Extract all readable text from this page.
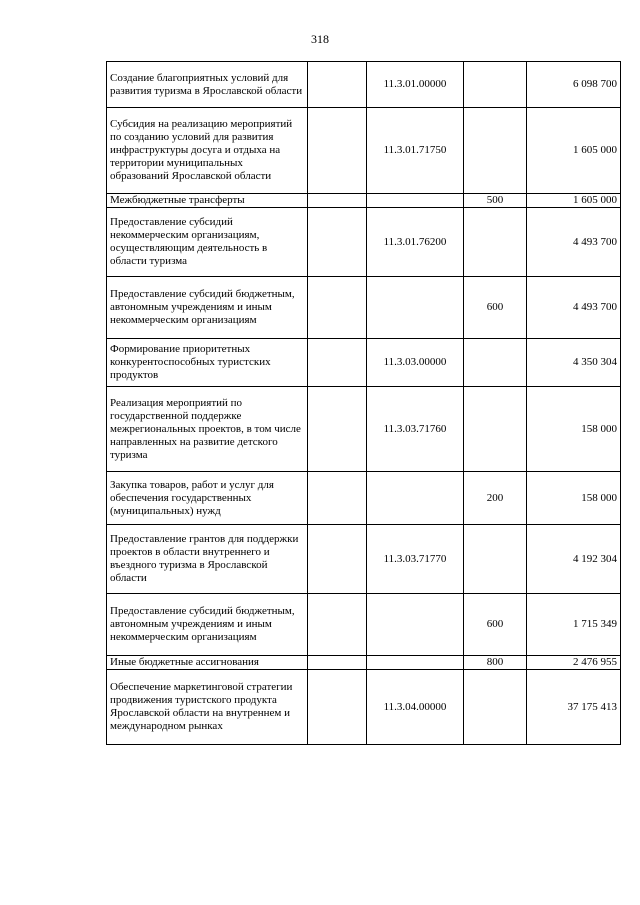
318
Создание благоприятных условий для развития туризма в Ярославской области		11.3.01.00000		6 098 700
Субсидия на реализацию мероприятий по созданию условий для развития инфраструктуры досуга и отдыха на территории муниципальных образований Ярославской области		11.3.01.71750		1 605 000
Межбюджетные трансферты			500	1 605 000
Предоставление субсидий некоммерческим организациям, осуществляющим деятельность в области туризма		11.3.01.76200		4 493 700
Предоставление субсидий бюджетным, автономным учреждениям и иным некоммерческим организациям			600	4 493 700
Формирование приоритетных конкурентоспособных туристских продуктов		11.3.03.00000		4 350 304
Реализация мероприятий по государственной поддержке межрегиональных проектов, в том числе направленных на развитие детского туризма		11.3.03.71760		158 000
Закупка товаров, работ и услуг для обеспечения государственных (муниципальных) нужд			200	158 000
Предоставление грантов для поддержки проектов в области внутреннего и въездного туризма в Ярославской области		11.3.03.71770		4 192 304
Предоставление субсидий бюджетным, автономным учреждениям и иным некоммерческим организациям			600	1 715 349
Иные бюджетные ассигнования			800	2 476 955
Обеспечение маркетинговой стратегии продвижения туристского продукта Ярославской области на внутреннем и международном рынках		11.3.04.00000		37 175 413
